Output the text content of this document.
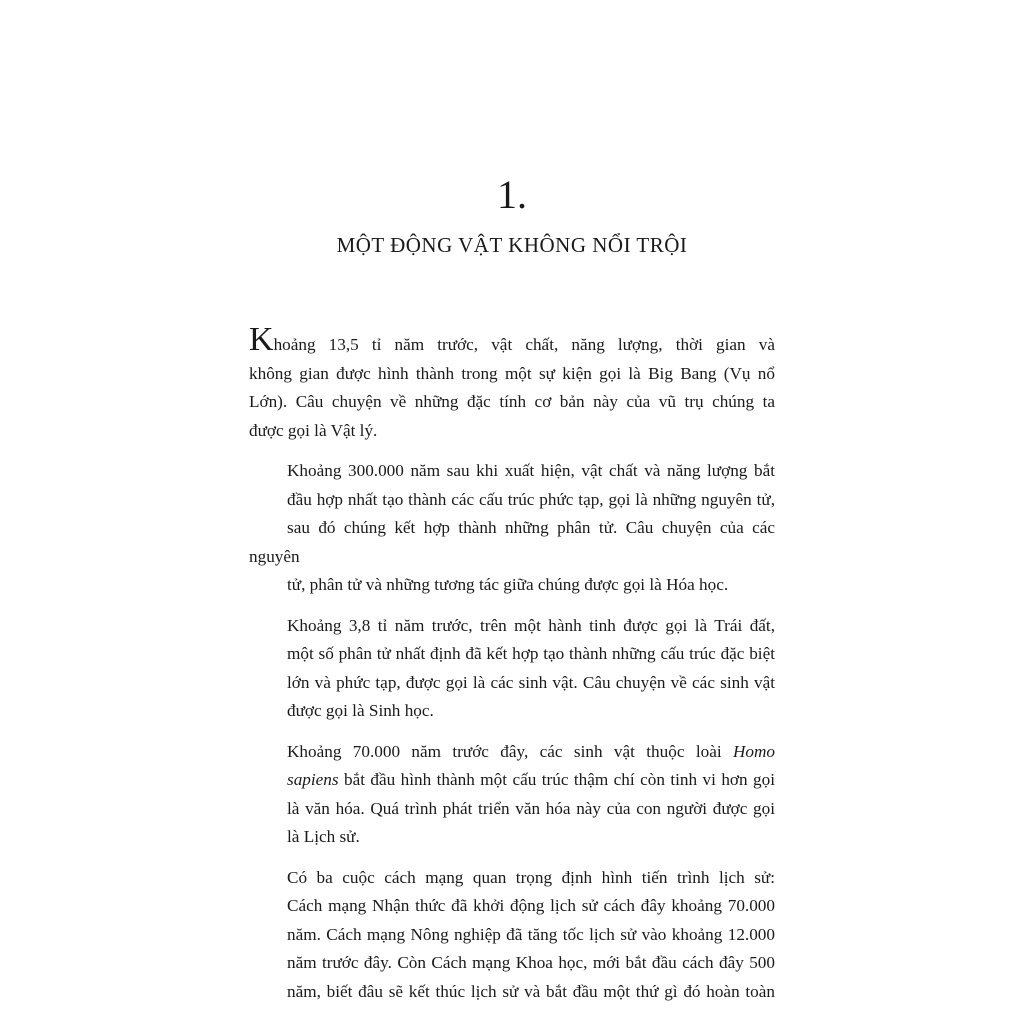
1.
MỘT ĐỘNG VẬT KHÔNG NỔI TRỘI

Khoảng 13,5 tỉ năm trước, vật chất, năng lượng, thời gian và
không gian được hình thành trong một sự kiện gọi là Big Bang (Vụ nổ
Lớn). Câu chuyện về những đặc tính cơ bản này của vũ trụ chúng ta
được gọi là Vật lý.

Khoảng 300.000 năm sau khi xuất hiện, vật chất và năng lượng bắt
đầu hợp nhất tạo thành các cấu trúc phức tạp, gọi là những nguyên tử,
sau đó chúng kết hợp thành những phân tử. Câu chuyện của các nguyên
tử, phân tử và những tương tác giữa chúng được gọi là Hóa học.

Khoảng 3,8 tỉ năm trước, trên một hành tinh được gọi là Trái đất,
một số phân tử nhất định đã kết hợp tạo thành những cấu trúc đặc biệt
lớn và phức tạp, được gọi là các sinh vật. Câu chuyện về các sinh vật
được gọi là Sinh học.

Khoảng 70.000 năm trước đây, các sinh vật thuộc loài Homo
sapiens bắt đầu hình thành một cấu trúc thậm chí còn tinh vi hơn gọi
là văn hóa. Quá trình phát triển văn hóa này của con người được gọi
là Lịch sử.

Có ba cuộc cách mạng quan trọng định hình tiến trình lịch sử:
Cách mạng Nhận thức đã khởi động lịch sử cách đây khoảng 70.000
năm. Cách mạng Nông nghiệp đã tăng tốc lịch sử vào khoảng 12.000
năm trước đây. Còn Cách mạng Khoa học, mới bắt đầu cách đây 500
năm, biết đâu sẽ kết thúc lịch sử và bắt đầu một thứ gì đó hoàn toàn
